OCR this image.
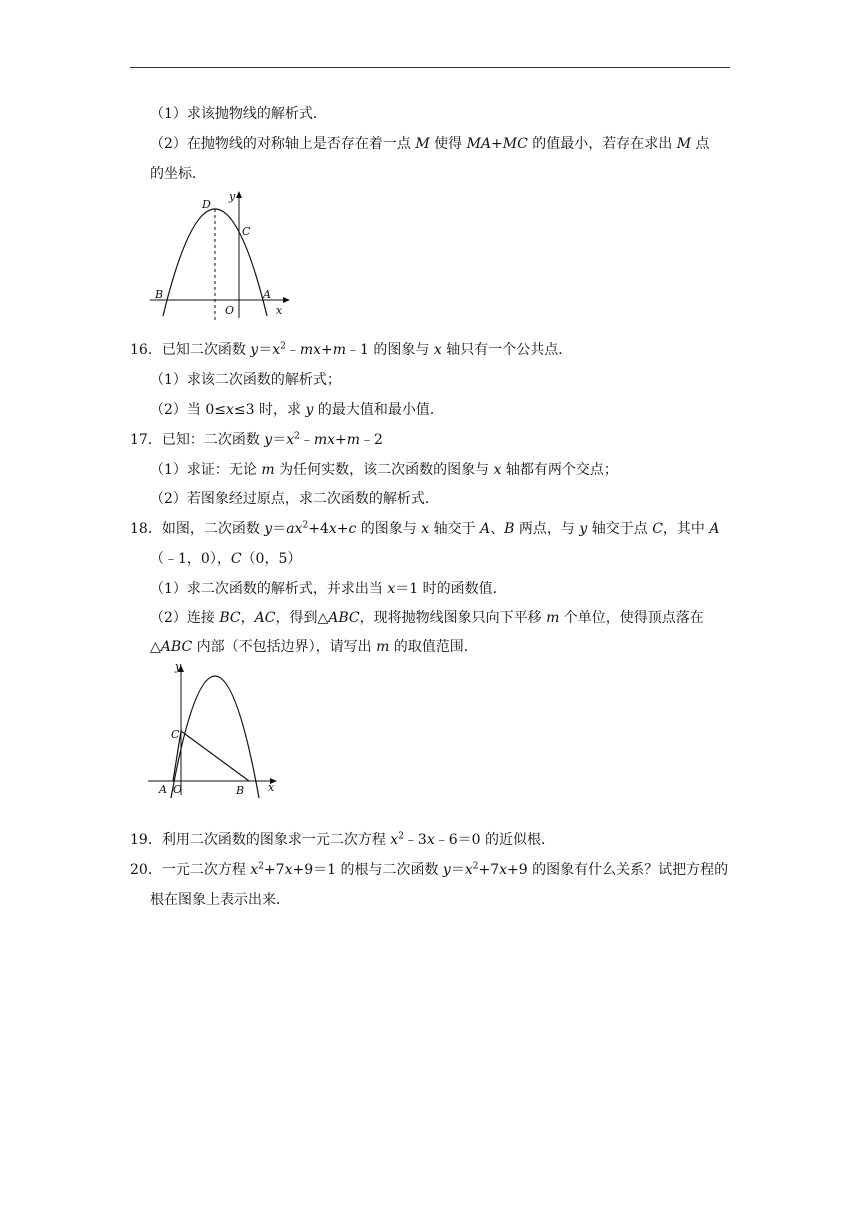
（1）求该抛物线的解析式．
（2）在抛物线的对称轴上是否存在着一点 M 使得 MA+MC 的值最小，若存在求出 M 点
的坐标．
y
D
C
B	A
O	x
16．已知二次函数 $y=x^2﹣mx+m﹣1$ 的图象与 x 轴只有一个公共点．
（1）求该二次函数的解析式；
（2）当 0≤x≤3 时，求 y 的最大值和最小值．
17．已知：二次函数 $y=x^2﹣mx+m﹣2$
（1）求证：无论 m 为任何实数，该二次函数的图象与 x 轴都有两个交点；
（2）若图象经过原点，求二次函数的解析式．
18．如图，二次函数 $y=ax^2+4x+c$ 的图象与 x 轴交于 A、B 两点，与 y 轴交于点 C，其中 A
（﹣1，0），C（0，5）
（1）求二次函数的解析式，并求出当 x＝1 时的函数值．
（2）连接 BC，AC，得到△ABC，现将抛物线图象只向下平移 m 个单位，使得顶点落在
△ABC 内部（不包括边界），请写出 m 的取值范围．
y
C
A O	B x
19．利用二次函数的图象求一元二次方程 $x^2﹣3x﹣6=0$ 的近似根．
20．一元二次方程 $x^2+7x+9=1$ 的根与二次函数 $y=x^2+7x+9$ 的图象有什么关系？试把方程的
根在图象上表示出来．
